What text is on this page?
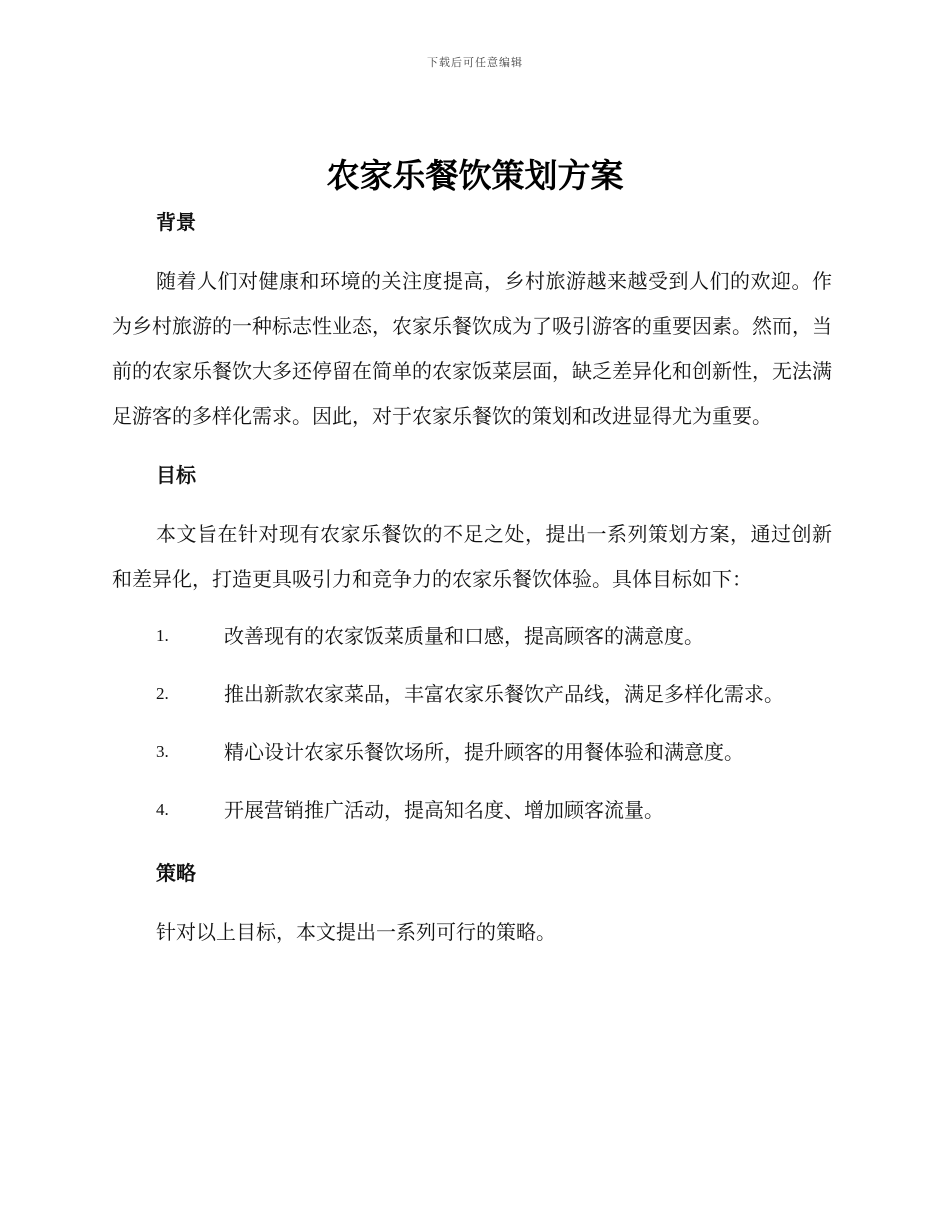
下载后可任意编辑
农家乐餐饮策划方案
背景

随着人们对健康和环境的关注度提高，乡村旅游越来越受到人们的欢迎。作为乡村旅游的一种标志性业态，农家乐餐饮成为了吸引游客的重要因素。然而，当前的农家乐餐饮大多还停留在简单的农家饭菜层面，缺乏差异化和创新性，无法满足游客的多样化需求。因此，对于农家乐餐饮的策划和改进显得尤为重要。

目标

本文旨在针对现有农家乐餐饮的不足之处，提出一系列策划方案，通过创新和差异化，打造更具吸引力和竞争力的农家乐餐饮体验。具体目标如下：

1.	改善现有的农家饭菜质量和口感，提高顾客的满意度。
2.	推出新款农家菜品，丰富农家乐餐饮产品线，满足多样化需求。
3.	精心设计农家乐餐饮场所，提升顾客的用餐体验和满意度。
4.	开展营销推广活动，提高知名度、增加顾客流量。
策略

针对以上目标，本文提出一系列可行的策略。
